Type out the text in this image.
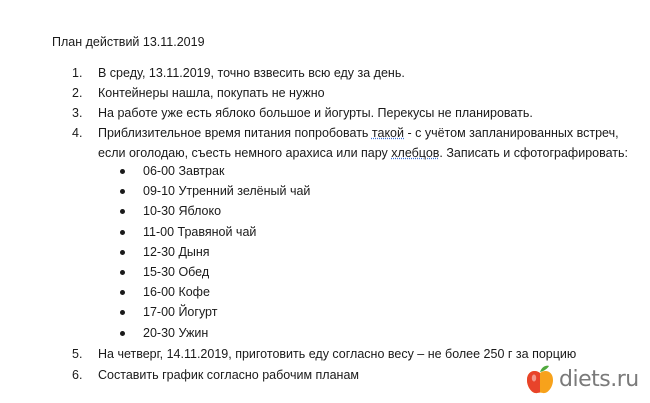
План действий 13.11.2019
1. В среду, 13.11.2019, точно взвесить всю еду за день.
2. Контейнеры нашла, покупать не нужно
3. На работе уже есть яблоко большое и йогурты. Перекусы не планировать.
4. Приблизительное время питания попробовать такой - с учётом запланированных встреч,
если оголодаю, съесть немного арахиса или пару хлебцов. Записать и сфотографировать:
06-00 Завтрак
09-10 Утренний зелёный чай
10-30 Яблоко
11-00 Травяной чай
12-30 Дыня
15-30 Обед
16-00 Кофе
17-00 Йогурт
20-30 Ужин
5. На четверг, 14.11.2019, приготовить еду согласно весу – не более 250 г за порцию
6. Составить график согласно рабочим планам	diets.ru
